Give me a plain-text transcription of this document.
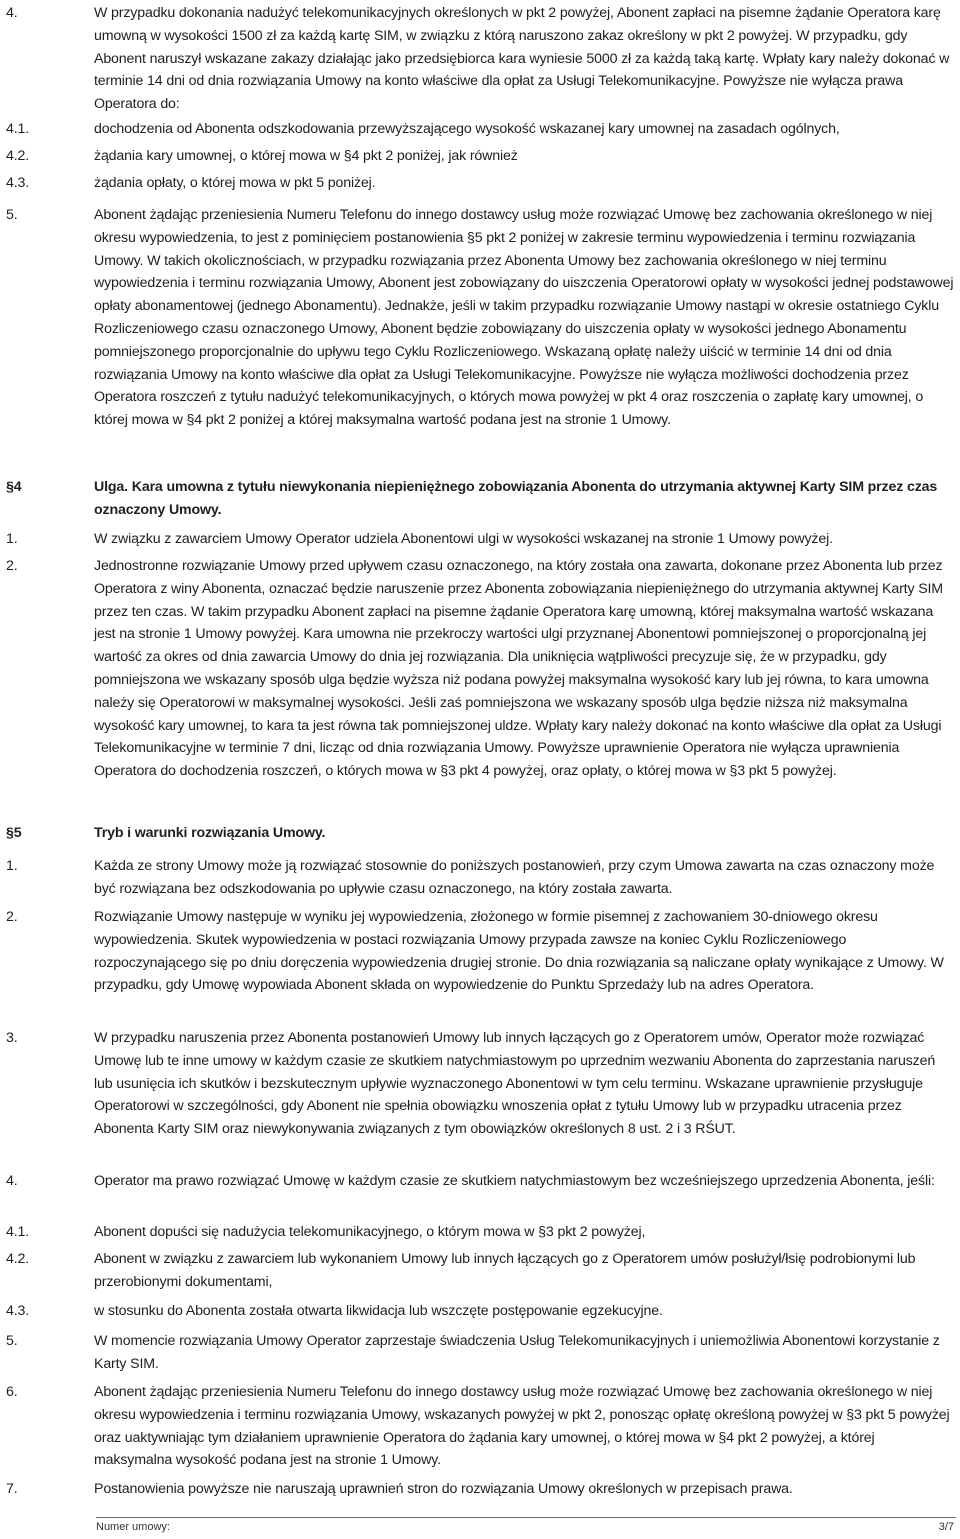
4.	W przypadku dokonania nadużyć telekomunikacyjnych określonych w pkt 2 powyżej, Abonent zapłaci na pisemne żądanie Operatora karę umowną w wysokości 1500 zł za każdą kartę SIM, w związku z którą naruszono zakaz określony w pkt 2 powyżej. W przypadku, gdy Abonent naruszył wskazane zakazy działając jako przedsiębiorca kara wyniesie 5000 zł za każdą taką kartę. Wpłaty kary należy dokonać w terminie 14 dni od dnia rozwiązania Umowy na konto właściwe dla opłat za Usługi Telekomunikacyjne. Powyższe nie wyłącza prawa Operatora do:
4.1.	dochodzenia od Abonenta odszkodowania przewyższającego wysokość wskazanej kary umownej na zasadach ogólnych,
4.2.	żądania kary umownej, o której mowa w §4 pkt 2 poniżej, jak również
4.3.	żądania opłaty, o której mowa w pkt 5 poniżej.
5.	Abonent żądając przeniesienia Numeru Telefonu do innego dostawcy usług może rozwiązać Umowę bez zachowania określonego w niej okresu wypowiedzenia, to jest z pominięciem postanowienia §5 pkt 2 poniżej w zakresie terminu wypowiedzenia i terminu rozwiązania Umowy. W takich okolicznościach, w przypadku rozwiązania przez Abonenta Umowy bez zachowania określonego w niej terminu wypowiedzenia i terminu rozwiązania Umowy, Abonent jest zobowiązany do uiszczenia Operatorowi opłaty w wysokości jednej podstawowej opłaty abonamentowej (jednego Abonamentu). Jednakże, jeśli w takim przypadku rozwiązanie Umowy nastąpi w okresie ostatniego Cyklu Rozliczeniowego czasu oznaczonego Umowy, Abonent będzie zobowiązany do uiszczenia opłaty w wysokości jednego Abonamentu pomniejszonego proporcjonalnie do upływu tego Cyklu Rozliczeniowego. Wskazaną opłatę należy uiścić w terminie 14 dni od dnia rozwiązania Umowy na konto właściwe dla opłat za Usługi Telekomunikacyjne. Powyższe nie wyłącza możliwości dochodzenia przez Operatora roszczeń z tytułu nadużyć telekomunikacyjnych, o których mowa powyżej w pkt 4 oraz roszczenia o zapłatę kary umownej, o której mowa w §4 pkt 2 poniżej a której maksymalna wartość podana jest na stronie 1 Umowy.
§4	Ulga. Kara umowna z tytułu niewykonania niepieniężnego zobowiązania Abonenta do utrzymania aktywnej Karty SIM przez czas oznaczony Umowy.
1.	W związku z zawarciem Umowy Operator udziela Abonentowi ulgi w wysokości wskazanej na stronie 1 Umowy powyżej.
2.	Jednostronne rozwiązanie Umowy przed upływem czasu oznaczonego, na który została ona zawarta, dokonane przez Abonenta lub przez Operatora z winy Abonenta, oznaczać będzie naruszenie przez Abonenta zobowiązania niepieniężnego do utrzymania aktywnej Karty SIM przez ten czas. W takim przypadku Abonent zapłaci na pisemne żądanie Operatora karę umowną, której maksymalna wartość wskazana jest na stronie 1 Umowy powyżej. Kara umowna nie przekroczy wartości ulgi przyznanej Abonentowi pomniejszonej o proporcjonalną jej wartość za okres od dnia zawarcia Umowy do dnia jej rozwiązania. Dla uniknięcia wątpliwości precyzuje się, że w przypadku, gdy pomniejszona we wskazany sposób ulga będzie wyższa niż podana powyżej maksymalna wysokość kary lub jej równa, to kara umowna należy się Operatorowi w maksymalnej wysokości. Jeśli zaś pomniejszona we wskazany sposób ulga będzie niższa niż maksymalna wysokość kary umownej, to kara ta jest równa tak pomniejszonej uldze. Wpłaty kary należy dokonać na konto właściwe dla opłat za Usługi Telekomunikacyjne w terminie 7 dni, licząc od dnia rozwiązania Umowy. Powyższe uprawnienie Operatora nie wyłącza uprawnienia Operatora do dochodzenia roszczeń, o których mowa w §3 pkt 4 powyżej, oraz opłaty, o której mowa w §3 pkt 5 powyżej.
§5	Tryb i warunki rozwiązania Umowy.
1.	Każda ze strony Umowy może ją rozwiązać stosownie do poniższych postanowień, przy czym Umowa zawarta na czas oznaczony może być rozwiązana bez odszkodowania po upływie czasu oznaczonego, na który została zawarta.
2.	Rozwiązanie Umowy następuje w wyniku jej wypowiedzenia, złożonego w formie pisemnej z zachowaniem 30-dniowego okresu wypowiedzenia. Skutek wypowiedzenia w postaci rozwiązania Umowy przypada zawsze na koniec Cyklu Rozliczeniowego rozpoczynającego się po dniu doręczenia wypowiedzenia drugiej stronie. Do dnia rozwiązania są naliczane opłaty wynikające z Umowy. W przypadku, gdy Umowę wypowiada Abonent składa on wypowiedzenie do Punktu Sprzedaży lub na adres Operatora.
3.	W przypadku naruszenia przez Abonenta postanowień Umowy lub innych łączących go z Operatorem umów, Operator może rozwiązać Umowę lub te inne umowy w każdym czasie ze skutkiem natychmiastowym po uprzednim wezwaniu Abonenta do zaprzestania naruszeń lub usunięcia ich skutków i bezskutecznym upływie wyznaczonego Abonentowi w tym celu terminu. Wskazane uprawnienie przysługuje Operatorowi w szczególności, gdy Abonent nie spełnia obowiązku wnoszenia opłat z tytułu Umowy lub w przypadku utracenia przez Abonenta Karty SIM oraz niewykonywania związanych z tym obowiązków określonych 8 ust. 2 i 3 RŚUT.
4.	Operator ma prawo rozwiązać Umowę w każdym czasie ze skutkiem natychmiastowym bez wcześniejszego uprzedzenia Abonenta, jeśli:
4.1.	Abonent dopuści się nadużycia telekomunikacyjnego, o którym mowa w §3 pkt 2 powyżej,
4.2.	Abonent w związku z zawarciem lub wykonaniem Umowy lub innych łączących go z Operatorem umów posłużył/łsię podrobionymi lub przerobionymi dokumentami,
4.3.	w stosunku do Abonenta została otwarta likwidacja lub wszczęte postępowanie egzekucyjne.
5.	W momencie rozwiązania Umowy Operator zaprzestaje świadczenia Usług Telekomunikacyjnych i uniemożliwia Abonentowi korzystanie z Karty SIM.
6.	Abonent żądając przeniesienia Numeru Telefonu do innego dostawcy usług może rozwiązać Umowę bez zachowania określonego w niej okresu wypowiedzenia i terminu rozwiązania Umowy, wskazanych powyżej w pkt 2, ponosząc opłatę określoną powyżej w §3 pkt 5 powyżej oraz uaktywniając tym działaniem uprawnienie Operatora do żądania kary umownej, o której mowa w §4 pkt 2 powyżej, a której maksymalna wysokość podana jest na stronie 1 Umowy.
7.	Postanowienia powyższe nie naruszają uprawnień stron do rozwiązania Umowy określonych w przepisach prawa.
Numer umowy:	3/7
